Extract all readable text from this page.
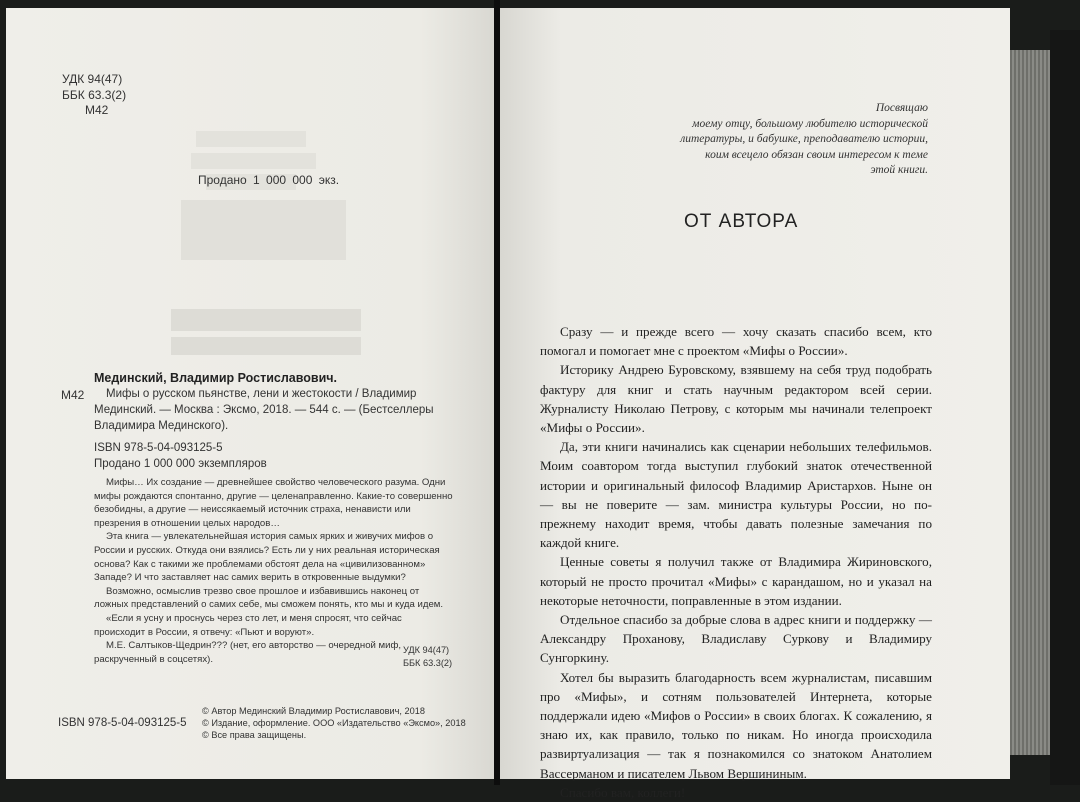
УДК 94(47)
ББК 63.3(2)
М42
Продано 1 000 000 экз.
Мединский, Владимир Ростиславович.
М42	Мифы о русском пьянстве, лени и жестокости / Владимир Мединский. — Москва : Эксмо, 2018. — 544 с. — (Бестселлеры Владимира Мединского).
ISBN 978-5-04-093125-5
Продано 1 000 000 экземпляров
Мифы… Их создание — древнейшее свойство человеческого разума. Одни мифы рождаются спонтанно, другие — целенаправленно. Какие-то совершенно безобидны, а другие — неиссякаемый источник страха, ненависти или презрения в отношении целых народов…
Эта книга — увлекательнейшая история самых ярких и живучих мифов о России и русских. Откуда они взялись? Есть ли у них реальная историческая основа? Как с такими же проблемами обстоят дела на «цивилизованном» Западе? И что заставляет нас самих верить в откровенные выдумки?
Возможно, осмыслив трезво свое прошлое и избавившись наконец от ложных представлений о самих себе, мы сможем понять, кто мы и куда идем.
«Если я усну и проснусь через сто лет, и меня спросят, что сейчас происходит в России, я отвечу: «Пьют и воруют».
М.Е. Салтыков-Щедрин??? (нет, его авторство — очередной миф, раскрученный в соцсетях).
УДК 94(47)
ББК 63.3(2)
© Автор Мединский Владимир Ростиславович, 2018
© Издание, оформление. ООО «Издательство «Эксмо», 2018
© Все права защищены.
ISBN 978-5-04-093125-5
Посвящаю
моему отцу, большому любителю исторической
литературы, и бабушке, преподавателю истории,
коим всецело обязан своим интересом к теме
этой книги.
ОТ АВТОРА

Сразу — и прежде всего — хочу сказать спасибо всем, кто помогал и помогает мне с проектом «Мифы о России».

Историку Андрею Буровскому, взявшему на себя труд подобрать фактуру для книг и стать научным редактором всей серии. Журналисту Николаю Петрову, с которым мы начинали телепроект «Мифы о России».

Да, эти книги начинались как сценарии небольших телефильмов. Моим соавтором тогда выступил глубокий знаток отечественной истории и оригинальный философ Владимир Аристархов. Ныне он — вы не поверите — зам. министра культуры России, но по-прежнему находит время, чтобы давать полезные замечания по каждой книге.

Ценные советы я получил также от Владимира Жириновского, который не просто прочитал «Мифы» с карандашом, но и указал на некоторые неточности, поправленные в этом издании.

Отдельное спасибо за добрые слова в адрес книги и поддержку — Александру Проханову, Владиславу Суркову и Владимиру Сунгоркину.

Хотел бы выразить благодарность всем журналистам, писавшим про «Мифы», и сотням пользователей Интернета, которые поддержали идею «Мифов о России» в своих блогах. К сожалению, я знаю их, как правило, только по никам. Но иногда происходила развиртуализация — так я познакомился со знатоком Анатолием Вассерманом и писателем Львом Вершининым.

Спасибо вам, коллеги!
